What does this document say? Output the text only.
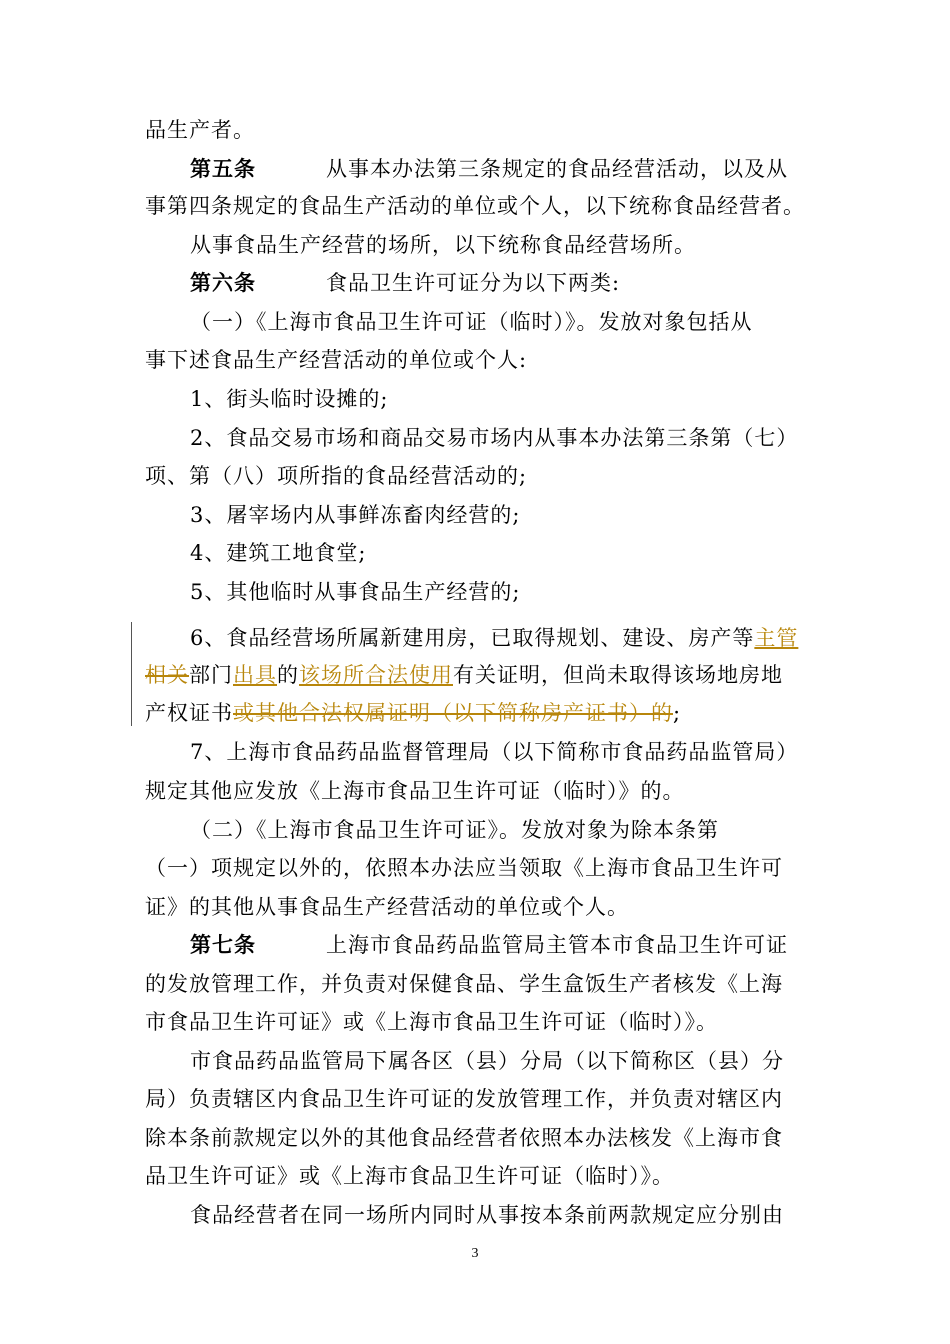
品生产者。
第五条	从事本办法第三条规定的食品经营活动，以及从
事第四条规定的食品生产活动的单位或个人，以下统称食品经营者。
从事食品生产经营的场所，以下统称食品经营场所。
第六条	食品卫生许可证分为以下两类:
（一）《上海市食品卫生许可证（临时）》。发放对象包括从
事下述食品生产经营活动的单位或个人:
1、街头临时设摊的;
2、食品交易市场和商品交易市场内从事本办法第三条第（七）
项、第（八）项所指的食品经营活动的;
3、屠宰场内从事鲜冻畜肉经营的;
4、建筑工地食堂;
5、其他临时从事食品生产经营的;
6、食品经营场所属新建用房，已取得规划、建设、房产等主管
相关部门出具的该场所合法使用有关证明，但尚未取得该场地房地
产权证书或其他合法权属证明（以下简称房产证书）的;
7、上海市食品药品监督管理局（以下简称市食品药品监管局）
规定其他应发放《上海市食品卫生许可证（临时）》的。
（二）《上海市食品卫生许可证》。发放对象为除本条第
（一）项规定以外的，依照本办法应当领取《上海市食品卫生许可
证》的其他从事食品生产经营活动的单位或个人。
第七条	上海市食品药品监管局主管本市食品卫生许可证
的发放管理工作，并负责对保健食品、学生盒饭生产者核发《上海
市食品卫生许可证》或《上海市食品卫生许可证（临时）》。
市食品药品监管局下属各区（县）分局（以下简称区（县）分
局）负责辖区内食品卫生许可证的发放管理工作，并负责对辖区内
除本条前款规定以外的其他食品经营者依照本办法核发《上海市食
品卫生许可证》或《上海市食品卫生许可证（临时）》。
食品经营者在同一场所内同时从事按本条前两款规定应分别由
3
